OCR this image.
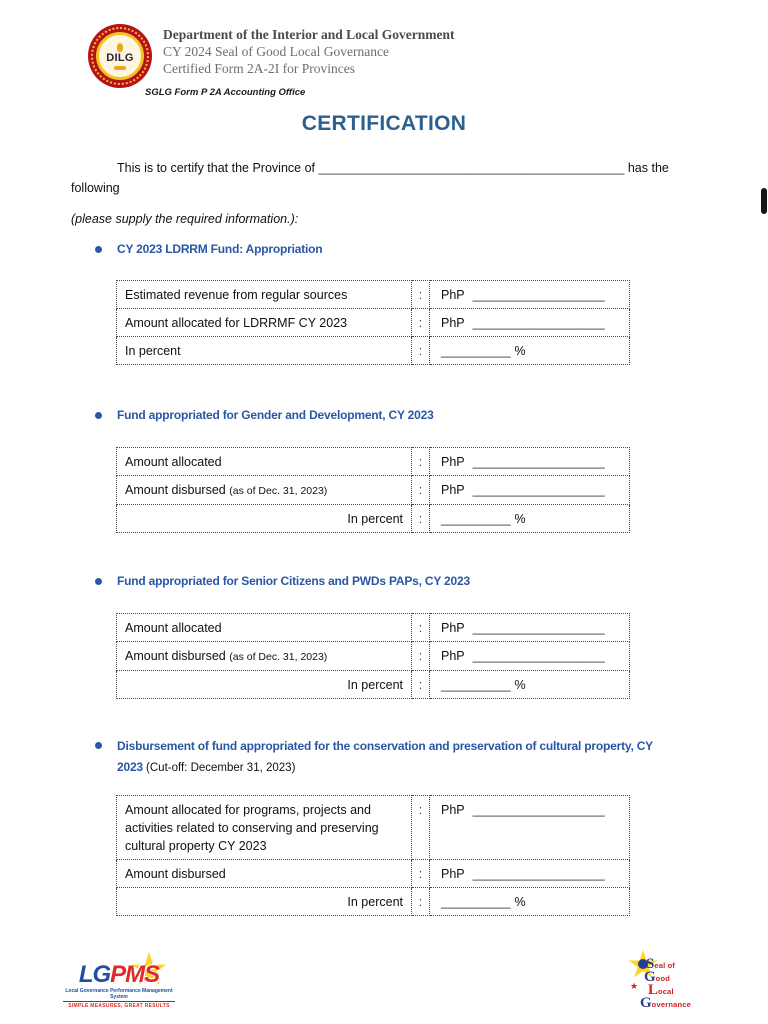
DILG
Department of the Interior and Local Government
CY 2024 Seal of Good Local Governance
Certified Form 2A-2I for Provinces
SGLG Form P 2A Accounting Office
CERTIFICATION
This is to certify that the Province of ____________________________________________ has the following
(please supply the required information.):
CY 2023 LDRRM Fund: Appropriation
Estimated revenue from regular sources	:	PhP ___________________
Amount allocated for LDRRMF CY 2023	:	PhP ___________________
In percent	:	__________ %
Fund appropriated for Gender and Development, CY 2023
Amount allocated	:	PhP ___________________
Amount disbursed (as of Dec. 31, 2023)	:	PhP ___________________
In percent	:	__________ %
Fund appropriated for Senior Citizens and PWDs PAPs, CY 2023
Amount allocated	:	PhP ___________________
Amount disbursed (as of Dec. 31, 2023)	:	PhP ___________________
In percent	:	__________ %
Disbursement of fund appropriated for the conservation and preservation of cultural property, CY 2023 (Cut-off: December 31, 2023)
Amount allocated for programs, projects and activities related to conserving and preserving cultural property CY 2023	:	PhP ___________________
Amount disbursed	:	PhP ___________________
In percent	:	__________ %
LGPMS
Local Governance Performance Management System
SIMPLE MEASURES, GREAT RESULTS
★
Seal of
Good
Local
Governance
